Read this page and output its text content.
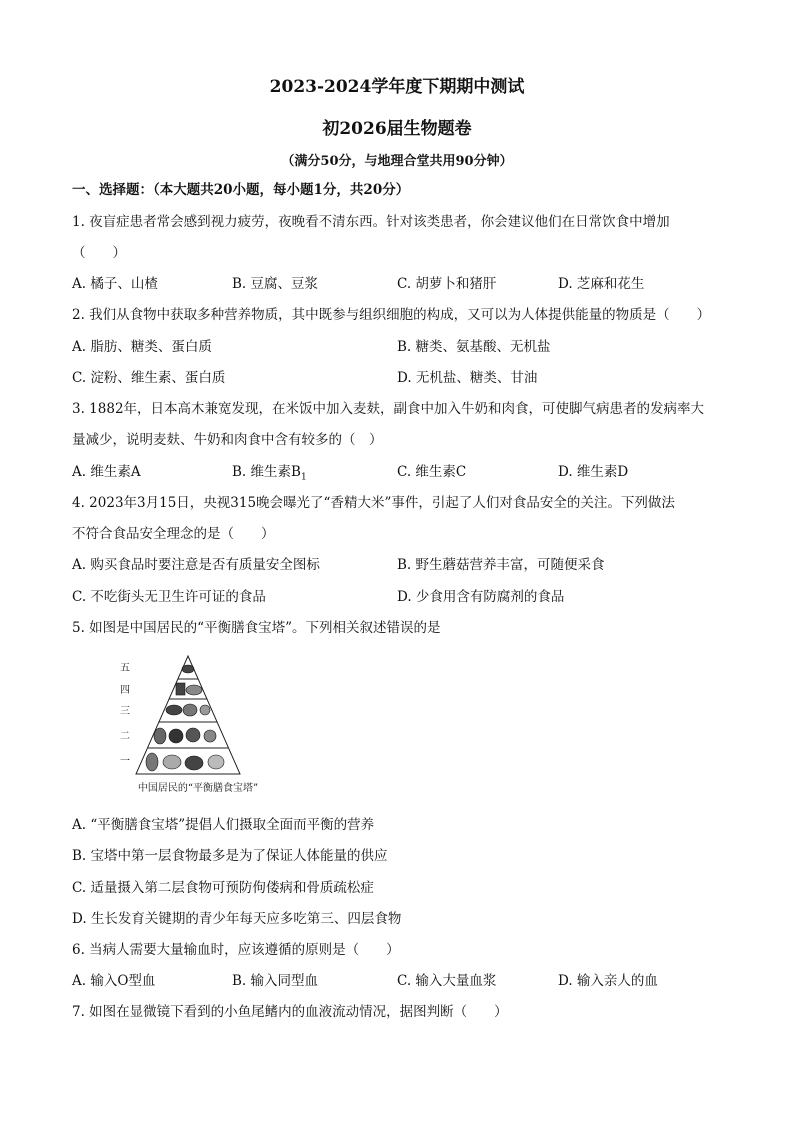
2023-2024学年度下期期中测试
初2026届生物题卷
（满分50分，与地理合堂共用90分钟）
一、选择题：（本大题共20小题，每小题1分，共20分）
1. 夜盲症患者常会感到视力疲劳，夜晚看不清东西。针对该类患者，你会建议他们在日常饮食中增加
（　　）
A. 橘子、山楂	B. 豆腐、豆浆	C. 胡萝卜和猪肝	D. 芝麻和花生
2. 我们从食物中获取多种营养物质，其中既参与组织细胞的构成，又可以为人体提供能量的物质是（　　）
A. 脂肪、糖类、蛋白质	B. 糖类、氨基酸、无机盐
C. 淀粉、维生素、蛋白质	D. 无机盐、糖类、甘油
3. 1882年，日本高木兼宽发现，在米饭中加入麦麸，副食中加入牛奶和肉食，可使脚气病患者的发病率大
量减少，说明麦麸、牛奶和肉食中含有较多的（　）
A. 维生素A	B. 维生素$B_1$	C. 维生素C	D. 维生素D
4. 2023年3月15日，央视315晚会曝光了“香精大米”事件，引起了人们对食品安全的关注。下列做法
不符合食品安全理念的是（　　）
A. 购买食品时要注意是否有质量安全图标	B. 野生蘑菇营养丰富，可随便采食
C. 不吃街头无卫生许可证的食品	D. 少食用含有防腐剂的食品
5. 如图是中国居民的“平衡膳食宝塔”。下列相关叙述错误的是
五
四
三
二
一
中国居民的“平衡膳食宝塔”
A. “平衡膳食宝塔”提倡人们摄取全面而平衡的营养
B. 宝塔中第一层食物最多是为了保证人体能量的供应
C. 适量摄入第二层食物可预防佝偻病和骨质疏松症
D. 生长发育关键期的青少年每天应多吃第三、四层食物
6. 当病人需要大量输血时，应该遵循的原则是（　　）
A. 输入O型血	B. 输入同型血	C. 输入大量血浆	D. 输入亲人的血
7. 如图在显微镜下看到的小鱼尾鳍内的血液流动情况，据图判断（　　）
